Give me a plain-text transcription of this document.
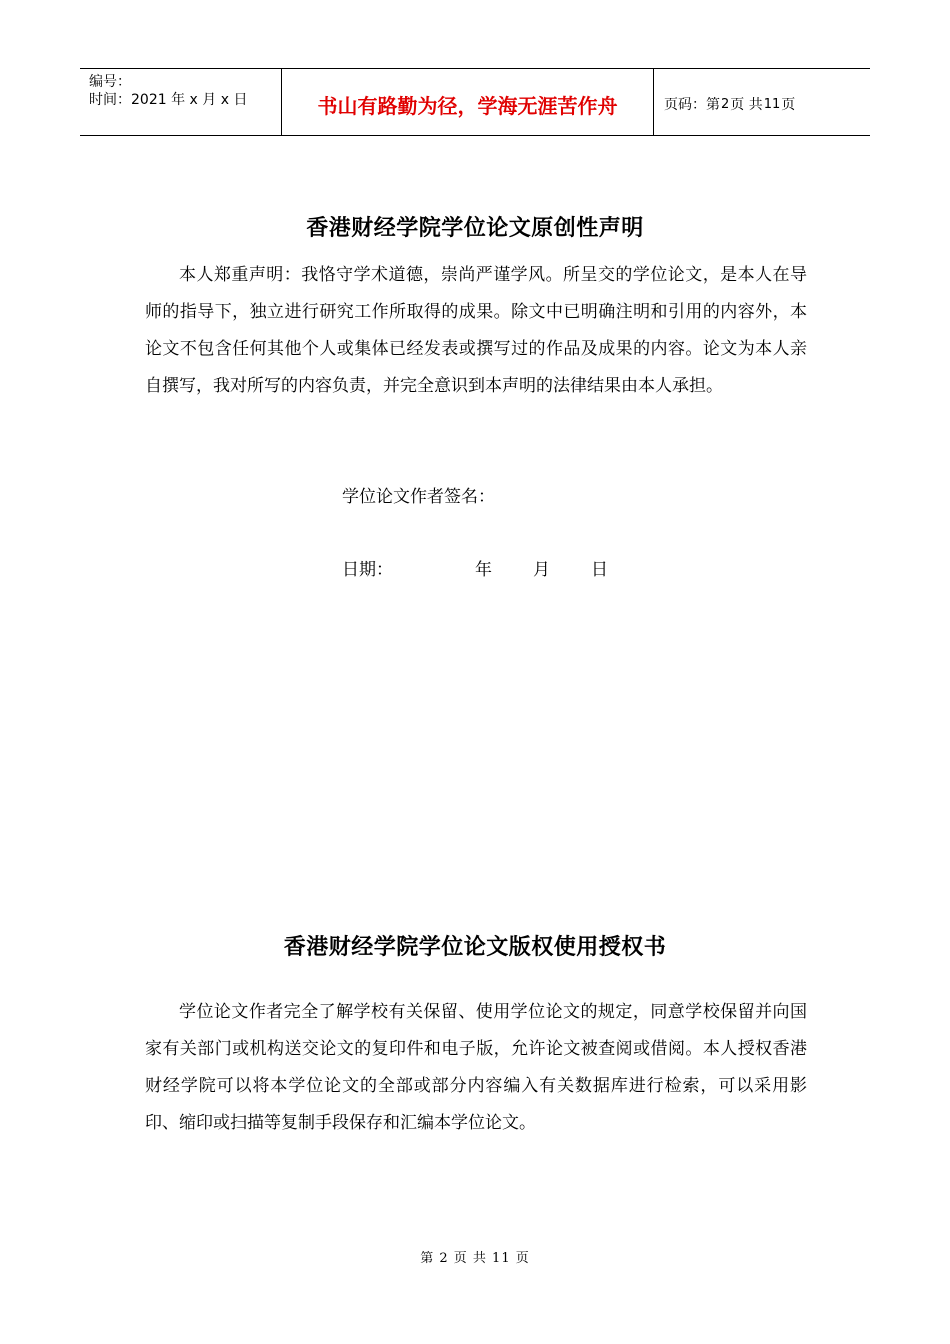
编号：
时间：2021 年 x 月 x 日	书山有路勤为径，学海无涯苦作舟	页码：第 2 页 共 11 页
香港财经学院学位论文原创性声明
本人郑重声明：我恪守学术道德，崇尚严谨学风。所呈交的学位论文，是本人在导师的指导下，独立进行研究工作所取得的成果。除文中已明确注明和引用的内容外，本论文不包含任何其他个人或集体已经发表或撰写过的作品及成果的内容。论文为本人亲自撰写，我对所写的内容负责，并完全意识到本声明的法律结果由本人承担。
学位论文作者签名：
日期：	年	月	日
香港财经学院学位论文版权使用授权书
学位论文作者完全了解学校有关保留、使用学位论文的规定，同意学校保留并向国家有关部门或机构送交论文的复印件和电子版，允许论文被查阅或借阅。本人授权香港财经学院可以将本学位论文的全部或部分内容编入有关数据库进行检索，可以采用影印、缩印或扫描等复制手段保存和汇编本学位论文。
第 2 页 共 11 页
